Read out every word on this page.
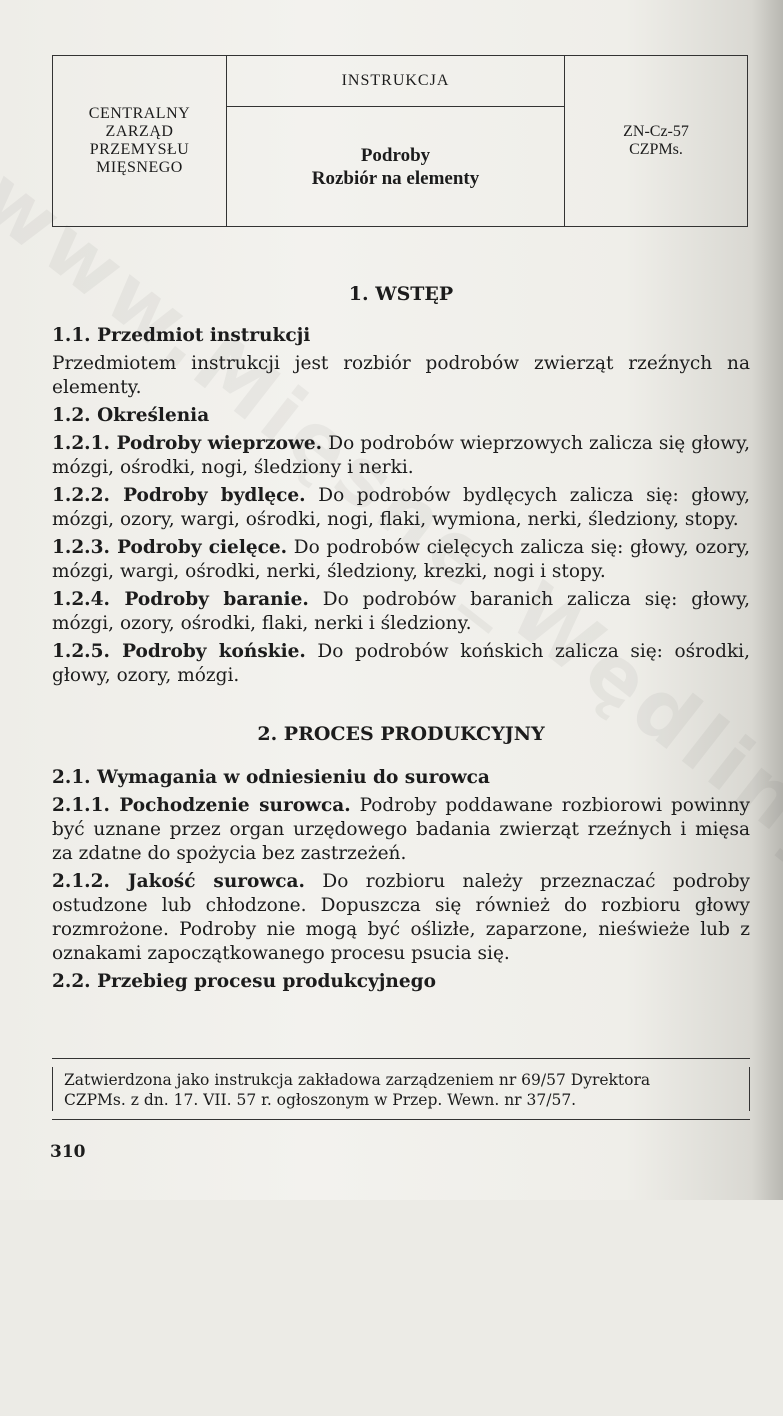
CENTRALNY
ZARZĄD
PRZEMYSŁU
MIĘSNEGO
INSTRUKCJA
Podroby
Rozbiór na elementy
ZN-Cz-57
CZPMs.
1. WSTĘP
1.1. Przedmiot instrukcji

Przedmiotem instrukcji jest rozbiór podrobów zwierząt rzeźnych na elementy.

1.2. Określenia

1.2.1. Podroby wieprzowe. Do podrobów wieprzowych zalicza się głowy, mózgi, ośrodki, nogi, śledziony i nerki.

1.2.2. Podroby bydlęce. Do podrobów bydlęcych zalicza się: głowy, mózgi, ozory, wargi, ośrodki, nogi, flaki, wymiona, nerki, śledziony, stopy.

1.2.3. Podroby cielęce. Do podrobów cielęcych zalicza się: głowy, ozory, mózgi, wargi, ośrodki, nerki, śledziony, krezki, nogi i stopy.

1.2.4. Podroby baranie. Do podrobów baranich zalicza się: głowy, mózgi, ozory, ośrodki, flaki, nerki i śledziony.

1.2.5. Podroby końskie. Do podrobów końskich zalicza się: ośrodki, głowy, ozory, mózgi.

2. PROCES PRODUKCYJNY
2.1. Wymagania w odniesieniu do surowca

2.1.1. Pochodzenie surowca. Podroby poddawane rozbiorowi powinny być uznane przez organ urzędowego badania zwierząt rzeźnych i mięsa za zdatne do spożycia bez zastrzeżeń.

2.1.2. Jakość surowca. Do rozbioru należy przeznaczać podroby ostudzone lub chłodzone. Dopuszcza się również do rozbioru głowy rozmrożone. Podroby nie mogą być oślizłe, zaparzone, nieświeże lub z oznakami zapoczątkowanego procesu psucia się.

2.2. Przebieg procesu produkcyjnego
Zatwierdzona jako instrukcja zakładowa zarządzeniem nr 69/57 Dyrektora
CZPMs. z dn. 17. VII. 57 r. ogłoszonym w Przep. Wewn. nr 37/57.
310
